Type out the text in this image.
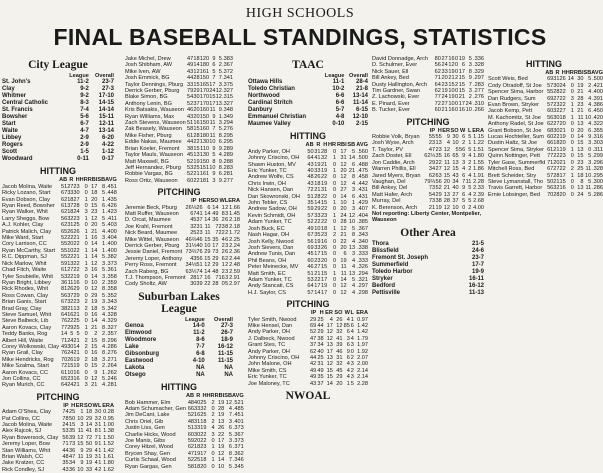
HIGH SCHOOLS
FINAL BASEBALL STANDINGS, STATISTICS
City League
	League	Overall
St. John's	11-2	23-7
Clay	9-2	27-3
Whitmer	9-2	17-10
Central Catholic	8-3	14-15
St. Francis	7-4	14-14
Bowsher	5-6	15-11
Start	6-7	12-11
Waite	4-7	13-14
Libbey	2-9	6-20
Rogers	2-9	4-22
Scott	1-5	1-12
Woodward	0-11	0-17
HITTING
	AB	R	H	HR	RBI	SB	AVG
Jacob Molina, Waite	51	27	23	0	17	8	.451
Ricky Lozano, Start	67	33	30	0	18	5	.448
Evan Dobson, Clay	62	18	27	1	20	1	.435
Ryan Reed, Bowsher	61	37	28	0	15	6	.426
Ryan Walker, Whit	62	18	24	3	23	1	.423
Larry Sheggs, Bow	56	32	23	1	12	5	.411
A.J. Kohler, Clay	62	31	25	0	20	5	.403
Patrick Malich, Clay	65	26	26	1	21	4	.400
Mike Ward, Start	52	22	21	1	16	3	.404
Cory Larrison, CC	55	20	22	0	14	1	.400
Ryan McCarthy, Start	55	10	22	1	14	1	.400
R.C. Dippman, SJ	55	22	21	1	14	5	.382
Nick Marlow, Whit	59	13	22	1	12	3	.373
Chad Fitch, Waite	61	27	22	3	16	5	.361
Tyler Soubielle, Whit	53	22	19	0	14	3	.358
Ryan Bright, Libbey	36	11	16	0	10	2	.359
Rick Rhodes, Whit	81	26	29	0	12	8	.358
Ross Cowan, Clay	56	37	29	0	29	5	.352
Brian Ganis, Start	67	32	23	2	19	3	.343
Brad Gray, Clay	38	21	13	2	18	5	.342
Steve Samuel, Whit	64	16	21	0	16	4	.328
Steve Balbeck, Lib	76	22	25	0	14	4	.329
Aaron Kovacs, Clay	77	29	25	1	21	8	.327
Teddy Banks, Rog	14	5	5	0	2	2	.357
Albert Hill, Waite	71	24	21	2	15	8	.296
Corey Wolkowski, Clay	49	30	14	2	15	4	.286
Ryan Grail, Clay	76	24	21	0	16	8	.276
Mike Hendricks, Rog	70	26	19	2	18	3	.271
Mike Szalma, Start	72	15	19	0	15	2	.264
Aaron Kovacs, CC	61	10	16	0	9	1	.262
Jon Collins, CC	65	23	16	0	12	5	.246
Ryan Murlch, CC	64	24	21	3	21	4	.281
PITCHING
	IP	H	ER	SO	W	L	ERA
Adam O'Shea, Clay	74	25	1	18	3	0	0.28
Pat Collins, CC	78	50	10	29	3	2	0.95
Jacob Molina, Waite	24	15	3	14	3	1	1.00
Alex Rajcok, SJ	53	35	11	41	8	1	1.38
Ryan Bowersock, Clay	56	39	12	72	7	1	1.50
Jeremy Loper, Bow	71	73	15	50	9	1	1.52
Stan Williams, Whit	44	36	9	29	4	1	1.42
Brian Walsh, CC	48	47	11	19	3	1	1.61
Jake Kratzer, CC	35	34	9	19	4	1	1.80
Rick Condley, SJ	43	36	10	33	4	2	1.62
Jake Michel, Drew	47	18	12	0	9	5	.383
Josh Shibham, AW	49	14	18	0	6	2	.367
Mike Iven, AW	43	12	16	1	5	5	.372
Josh Emmick, BG	44	28	15	0	7	7	.341
Taylor Dennings, Pburg	33	15	16	5	17	3	.375
Derrick Gerber, Pburg	79	29	17	0	24	12	.327
Blake Simon, BG	54	30	17	0	15	12	.315
Anthony Lenin, BG	52	37	17	0	17	13	.327
Kris Batsakis, Wauseon	46	20	16	0	11	9	.348
Ryan Williams, Max	43	20	15	0	9	1	.349
Zach Stevens, Wauseon	51	16	15	0	11	3	.294
Zak Beasely, Wauseon	58	15	16	0	7	5	.276
Mike Fisher, Pburg	61	28	18	0	11	8	.295
Eddie Nakas, Maumee	44	22	13	0	10	6	.295
Brian Koeler, Fremont	38	15	11	0	9	9	.289
Taylor Mauls, Wauseon	45	13	13	0	5	4	.289
Matt Maxwell, BG	52	19	15	0	8	9	.288
Jeff Hernandez, Pburg	53	25	15	1	10	8	.283
Robbie Vargas, BG	52	21	16	1	9	6	.281
Ross Ortiz, Wauseon	60	22	18	1	3	9	.277
PITCHING
	IP	H	ER	SO	W	L	ERA
Jeremie Beck, Pburg	26⅓	26	6	14	1	2	1.66
Matt Ruffer, Wauseon	67	41	14	49	8	3	1.45
D. Orcat, Maumee	45	37	14	36	2	6	2.18
Joe Krahl, Fremont	32	31	11	7	23	8	2.18
Nick Beard, Maumee	25	23	11	7	22	2	1.72
Mike Wittel, Wauseon	46⅔	46	15	35	4	6	2.25
Derrick Gerber, Pburg	31⅓	40	10	17	2	3	2.24
Jessie Daniel, Fremont	73⅔	76	29	73	2	6	2.36
Jeremy Loper, Anthony	43	56	15	29	6	2	2.44
Perry Ross, Fremont	34⅓	51	12	29	1	2	2.48
Zach Raberg, BG	63⅓	74	14	48	2	3	2.59
T.J. Thompson, Fremont	28	17	16	7	16	3	2.91
Cody Sholtz, AW	30	39	22	28	0	5	2.97
Suburban Lakes League
	League	Overall
Genoa	14-0	27-3
Elmwood	11-2	26-7
Woodmore	8-6	18-9
Lake	7-7	16-12
Gibsonburg	6-8	11-15
Eastwood	4-10	11-15
Lakota	NA	NA
Otsego	NA	NA
HITTING
	AB	R	H	HR	RBI	SB	AVG
Bob Hammer, Elm	48	40	25	2	19	12	.521
Adam Schumacher, Gen	66	33	32	0	28	4	.485
Jim DeCant, Lake	52	16	25	2	19	7	.451
Chris Oriel, Gib	48	31	18	2	13	3	.401
Justin Liss, Gen	51	33	19	4	26	6	.373
Charlie Hicks, Wood	60	30	22	3	22	5	.367
Joe Manis, Gibs	59	20	22	0	17	3	.373
Corey Hitzel, Wood	62	18	23	1	19	6	.371
Brycen Shay, Gen	47	19	17	0	12	8	.362
Curtis Schaal, Wood	52	25	18	1	14	7	.346
Ryan Gargas, Gen	58	18	20	0	10	5	.345
TAAC
	League	Overall
Ottawa Hills	11-1	28-4
Toledo Christian	10-2	21-8
Northwood	6-6	13-14
Cardinal Stritch	6-6	11-14
Danbury	5-7	6-15
Emmanuel Christian	4-8	12-10
Maumee Valley	0-10	2-15
HITTING
	AB	R	H	HR	RBI	SB	AVG
Andy Parker, OH	50	31	28	0	17	5	.560
Johnny Criscino, OH	64	41	32	1	31	14	.500
Shawn Huston, MV	43	19	21	0	12	6	.488
Eric Yunker, TC	40	33	19	1	20	21	.475
Andrew Wolfe, CS	48	26	22	0	12	8	.458
Chris Irwin, OH	43	18	19	0	12	4	.442
Nick Hansen, Dan	72	21	31	0	27	3	.431
Dan Skowronski, OH	51	28	22	0	14	6	.431
John Tebler, CS	35	14	15	1	10	1	.429
Andrew Sadow, OH	59	29	22	0	20	3	.407
Kevin Schmidt, OH	57	33	23	1	24	12	.404
Adam Yunker, TC	52	22	22	0	28	10	.385
Josh Buck, EC	49	10	18	1	12	5	.367
Nash Hagar, OH	67	35	23	2	21	8	.343
Josh Kelly, Nwood	56	19	16	0	22	4	.340
Josh Sievers, Dan	69	33	26	0	20	13	.338
Andrew Tunis, Dan	45	17	15	0	6	3	.333
Phil Beans, OH	60	23	20	0	19	4	.333
Peter Meinecke, MV	46	27	15	0	11	4	.326
Matt Smith, EC	51	21	15	1	11	13	.294
Adam Yunker, TC	53	22	17	0	14	5	.321
Andy Stancati, CS	64	17	19	0	12	4	.297
H.J. Saylor, CS	57	14	17	0	12	4	.298
PITCHING
	IP	H	ER	SO	W	L	ERA
Tyler Smith, Nwood	29	25	4	26	4	1	0.97
Mike Hensel, Dan	69	44	17	12	85	6	1.42
Andy Parker, OH	52	29	12	32	6	4	1.42
J. Dalbeck, Nwood	47	38	12	41	3	4	1.79
Grant Stes, TC	37	34	13	39	6	3	1.97
Andy Parker, OH	62	40	17	46	9	0	1.92
Johnny Criscino, OH	44	25	13	31	6	2	2.07
John Malone, OH	42	31	12	32	4	3	2.00
Mike Smith, CS	49	49	15	45	4	2	2.14
Eric Yunker, TC	49	35	15	29	4	3	2.14
Joe Maloney, TC	43	37	14	20	1	5	2.28
NWOAL
David Donnadge, Arch	80	27	16	0	19	5	.336
D. Schulmer, Ever	56	24	12	0	6	3	.328
Nick Sauer, Ell	62	33	19	0	17	8	.329
Bill Ankey, Bed	71	20	21	2	15	9	.297
Dusty Hallington, Arch	64	23	15	2	15	7	.283
Tim Gardner, Swan	62	19	10	0	15	3	.277
Z. Lachowski, Ever	77	24	19	0	21	2	.276
E. Pinard, Ever	72	27	10	0	17	24	.310
B. Tucker, Ever	60	21	16	0	16	10	.266
PITCHING
	IP	H	ER	SO	W	L	ERA
Robbie Volk, Bryan	55	55	9	30	6	5	1.15
Josh Wyse, Arch	23	13	4	10	2	1	1.22
T. Taylor, PV	47	23	12	5	56	5	1.51
Zach Doster, Ell	62⅓	35	16	65	9	4	1.80
Jon Caddie, Arch	29	22	11	13	3	2	1.55
Warren Phillis, Ell	34	27	12	15	4	2	1.86
Jared Myers, Bryan	62	63	15	43	6	4	1.91
Vaughan, Del	79⅔	56	20	34	7	11	2.28
Bill Ankey, Del	73	52	21	40	9	5	2.33
Matt Hafer, Arch	54	29	13	27	6	4	2.39
Murray, Del	73	38	28	37	5	5	2.68
K. Berenson, Arch	21	19	12	10	0	2	4.00
Not reporting: Liberty Center, Montpelier, Wauseon
Other Area
Thora	21-5
Blissfield	24-6
Fremont St. Joseph	23-7
Summerfield	17-7
Toledo Harbor	19-9
Stryker	16-11
Bedford	16-12
Pettisville	11-13
HITTING
	AB	R	H	HR	RBI	SB	AVG
Scott Weis, Bed	69	31	26	14	30	5	.500
Cody Otradoff, St Joe	57	30	24	0	19	2	.421
Spencer Sima, Harbor	55	28	22	0	21	4	.400
Dan Rudgers, Sum	69	27	22	3	28	4	.391
Evan Brown, Stryker	57	23	22	1	23	4	.386
Jacob Kemp, Pett	60	32	27	1	21	6	.450
M. Kachomitz, St Joe	56	30	18	1	11	10	.420
Anthony Radel, St Joe	62	27	20	0	13	4	.322
Grant Bobson, St Joe	68	30	21	0	20	6	.355
Lucas Hochteller, Sum	60	22	19	0	14	9	.316
Dustin Haltz, St Joe	66	18	20	0	15	3	.303
Spencer Sima, Stryker	61	21	19	1	13	0	.311
Quinn Nottinger, Pett	77	22	23	0	15	5	.299
Tyler Gase, Summerfld	71	20	21	0	23	3	.296
Mitchell Ross, Bed	67	27	22	2	25	11	.328
Brett Scheider, Stry	57	28	17	1	18	10	.295
Steve Lymanstall, Tho	50	21	15	0	8	5	.300
Travis Garrett, Harbor	56	32	16	0	13	11	.286
Ernie Lobsinger, Bed	70	28	20	0	24	5	.286
